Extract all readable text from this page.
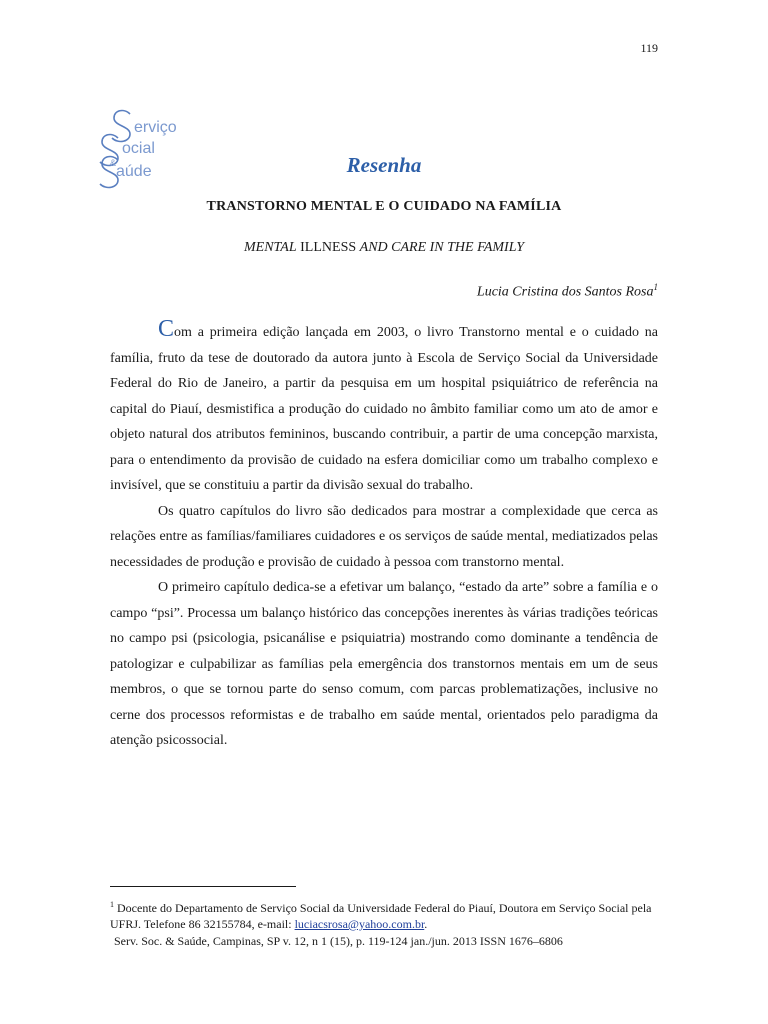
119
erviço
ocial
& aúde	Resenha
TRANSTORNO MENTAL E O CUIDADO NA FAMÍLIA
MENTAL ILLNESS AND CARE IN THE FAMILY
Lucia Cristina dos Santos Rosa$^1$

Com a primeira edição lançada em 2003, o livro Transtorno mental e o cuidado na família, fruto da tese de doutorado da autora junto à Escola de Serviço Social da Universidade Federal do Rio de Janeiro, a partir da pesquisa em um hospital psiquiátrico de referência na capital do Piauí, desmistifica a produção do cuidado no âmbito familiar como um ato de amor e objeto natural dos atributos femininos, buscando contribuir, a partir de uma concepção marxista, para o entendimento da provisão de cuidado na esfera domiciliar como um trabalho complexo e invisível, que se constituiu a partir da divisão sexual do trabalho.

Os quatro capítulos do livro são dedicados para mostrar a complexidade que cerca as relações entre as famílias/familiares cuidadores e os serviços de saúde mental, mediatizados pelas necessidades de produção e provisão de cuidado à pessoa com transtorno mental.

O primeiro capítulo dedica-se a efetivar um balanço, “estado da arte” sobre a família e o campo “psi”. Processa um balanço histórico das concepções inerentes às várias tradições teóricas no campo psi (psicologia, psicanálise e psiquiatria) mostrando como dominante a tendência de patologizar e culpabilizar as famílias pela emergência dos transtornos mentais em um de seus membros, o que se tornou parte do senso comum, com parcas problematizações, inclusive no cerne dos processos reformistas e de trabalho em saúde mental, orientados pelo paradigma da atenção psicossocial.

$^1$ Docente do Departamento de Serviço Social da Universidade Federal do Piauí, Doutora em Serviço Social pela UFRJ. Telefone 86 32155784, e-mail: luciacsrosa@yahoo.com.br.
Serv. Soc. & Saúde, Campinas, SP v. 12, n 1 (15), p. 119-124 jan./jun. 2013 ISSN 1676–6806
